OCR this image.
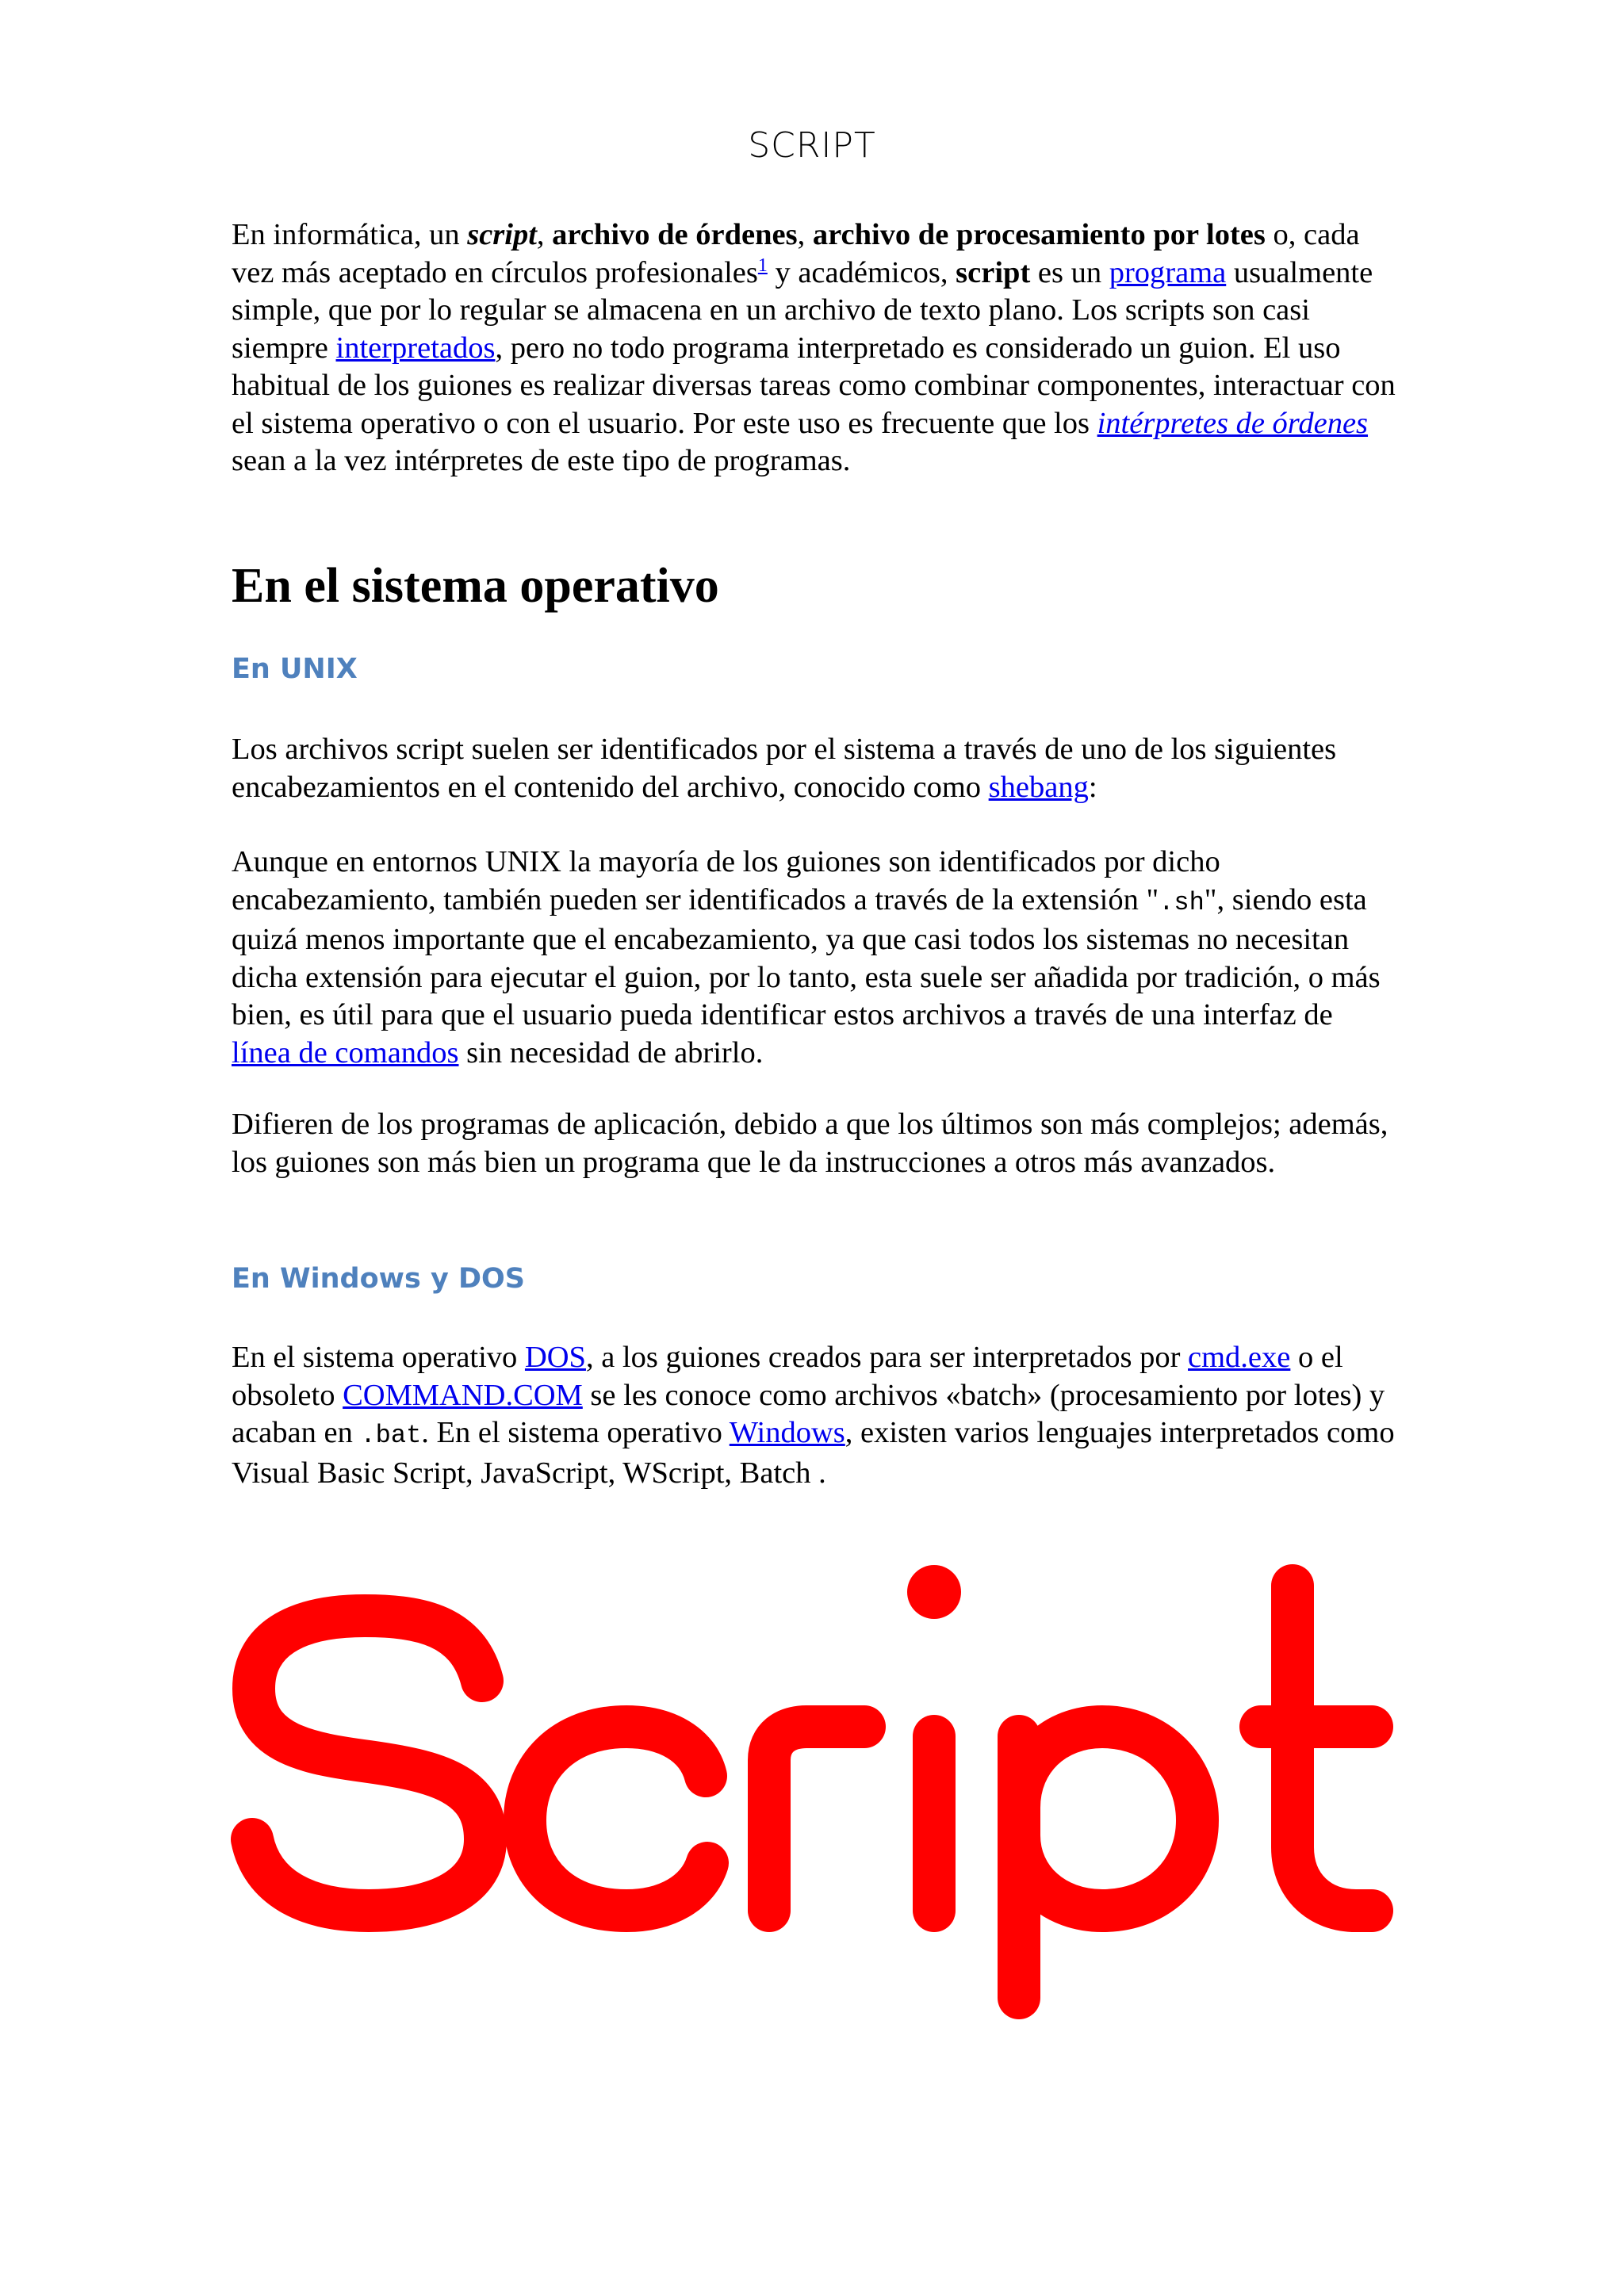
SCRIPT

En informática, un script, archivo de órdenes, archivo de procesamiento por lotes o, cada vez más aceptado en círculos profesionales$^1$ y académicos, script es un programa usualmente simple, que por lo regular se almacena en un archivo de texto plano. Los scripts son casi siempre interpretados, pero no todo programa interpretado es considerado un guion. El uso habitual de los guiones es realizar diversas tareas como combinar componentes, interactuar con el sistema operativo o con el usuario. Por este uso es frecuente que los intérpretes de órdenes sean a la vez intérpretes de este tipo de programas.

En el sistema operativo
En UNIX

Los archivos script suelen ser identificados por el sistema a través de uno de los siguientes encabezamientos en el contenido del archivo, conocido como shebang:

Aunque en entornos UNIX la mayoría de los guiones son identificados por dicho encabezamiento, también pueden ser identificados a través de la extensión ".sh", siendo esta quizá menos importante que el encabezamiento, ya que casi todos los sistemas no necesitan dicha extensión para ejecutar el guion, por lo tanto, esta suele ser añadida por tradición, o más bien, es útil para que el usuario pueda identificar estos archivos a través de una interfaz de línea de comandos sin necesidad de abrirlo.

Difieren de los programas de aplicación, debido a que los últimos son más complejos; además, los guiones son más bien un programa que le da instrucciones a otros más avanzados.

En Windows y DOS

En el sistema operativo DOS, a los guiones creados para ser interpretados por cmd.exe o el obsoleto COMMAND.COM se les conoce como archivos «batch» (procesamiento por lotes) y acaban en .bat. En el sistema operativo Windows, existen varios lenguajes interpretados como Visual Basic Script, JavaScript, WScript, Batch .
